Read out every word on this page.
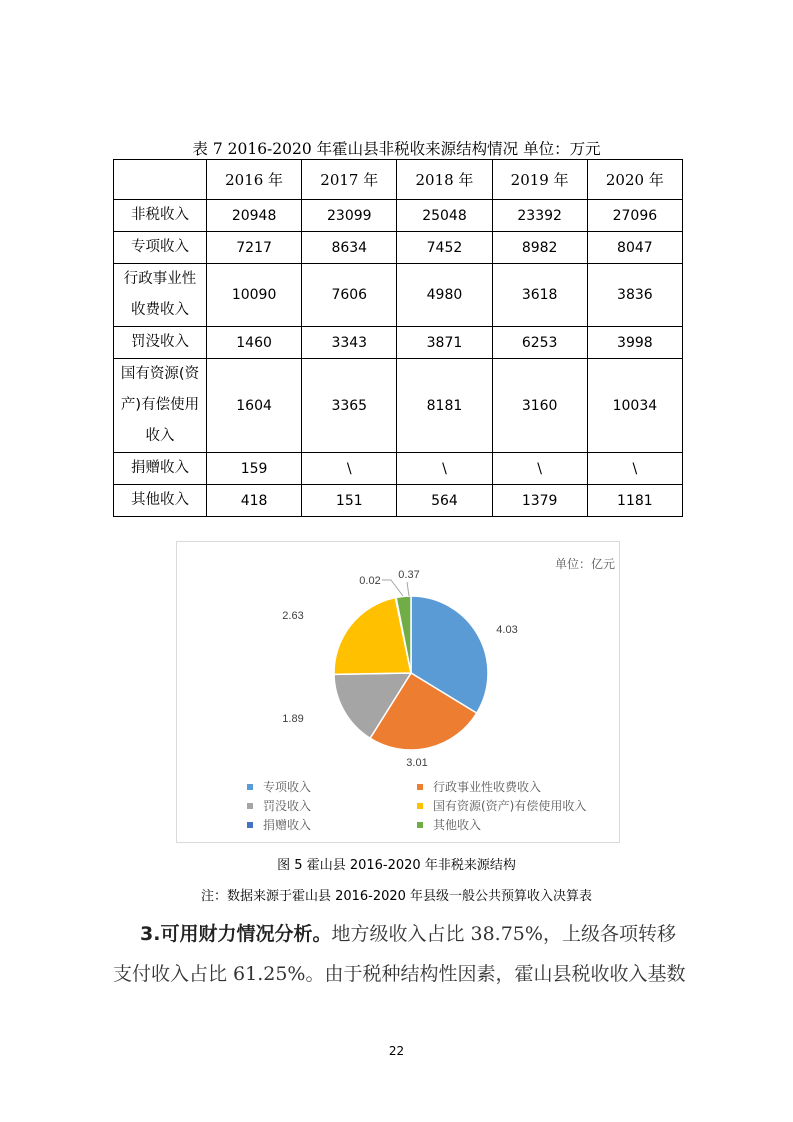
表 7 2016-2020 年霍山县非税收来源结构情况 单位：万元
	2016 年	2017 年	2018 年	2019 年	2020 年

非税收入	20948	23099	25048	23392	27096

专项收入	7217	8634	7452	8982	8047

行政事业性
收费收入	10090	7606	4980	3618	3836

罚没收入	1460	3343	3871	6253	3998

国有资源(资
产)有偿使用
收入	1604	3365	8181	3160	10034

捐赠收入	159	\	\	\	\

其他收入	418	151	564	1379	1181
4.03
3.01
1.89
2.63
0.02 0.37
单位：亿元
专项收入	行政事业性收费收入
罚没收入	国有资源(资产)有偿使用收入
捐赠收入	其他收入
图 5 霍山县 2016-2020 年非税来源结构
注：数据来源于霍山县 2016-2020 年县级一般公共预算收入决算表
3.可用财力情况分析。地方级收入占比 38.75%，上级各项转移
支付收入占比 61.25%。由于税种结构性因素，霍山县税收收入基数
22
